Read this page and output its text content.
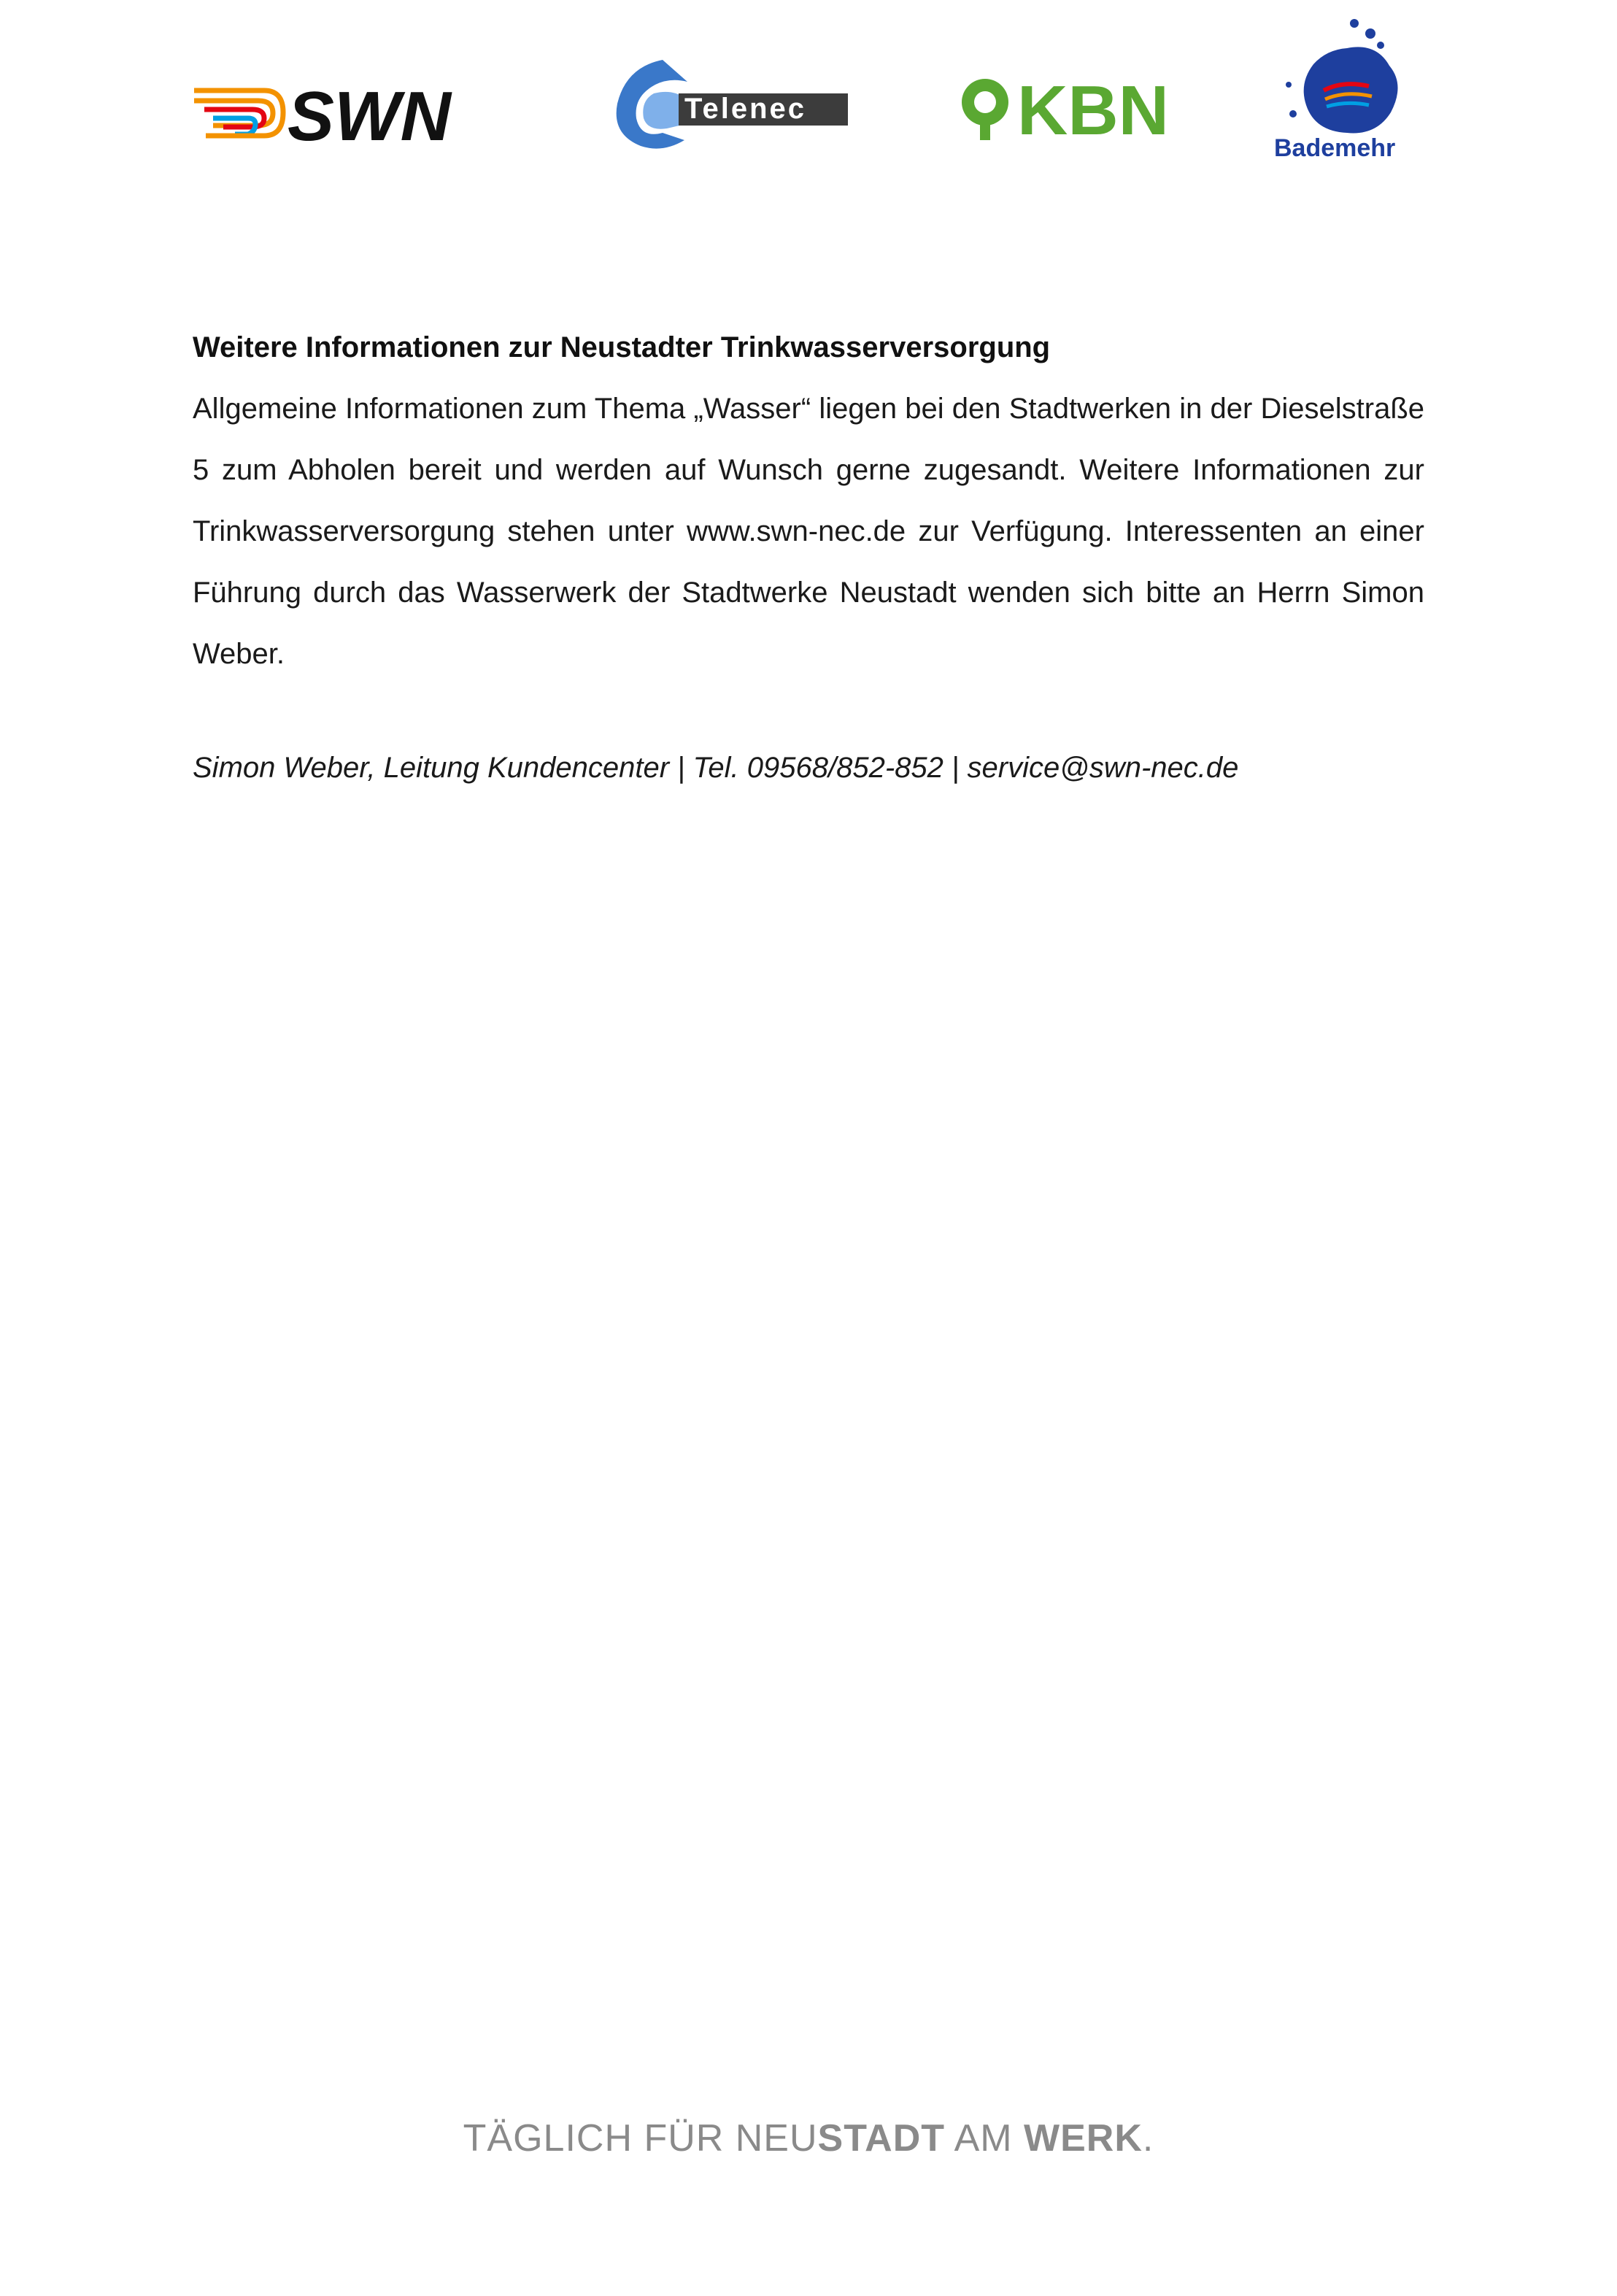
SWN	Telenec	KBN	Bademehr
Weitere Informationen zur Neustadter Trinkwasserversorgung

Allgemeine Informationen zum Thema „Wasser“ liegen bei den Stadtwerken in der Dieselstraße 5 zum Abholen bereit und werden auf Wunsch gerne zugesandt. Weitere Informationen zur Trinkwasserversorgung stehen unter www.swn-nec.de zur Verfügung. Interessenten an einer Führung durch das Wasserwerk der Stadtwerke Neustadt wenden sich bitte an Herrn Simon Weber.

Simon Weber, Leitung Kundencenter | Tel. 09568/852-852 | service@swn-nec.de
TÄGLICH FÜR NEUSTADT AM WERK.
